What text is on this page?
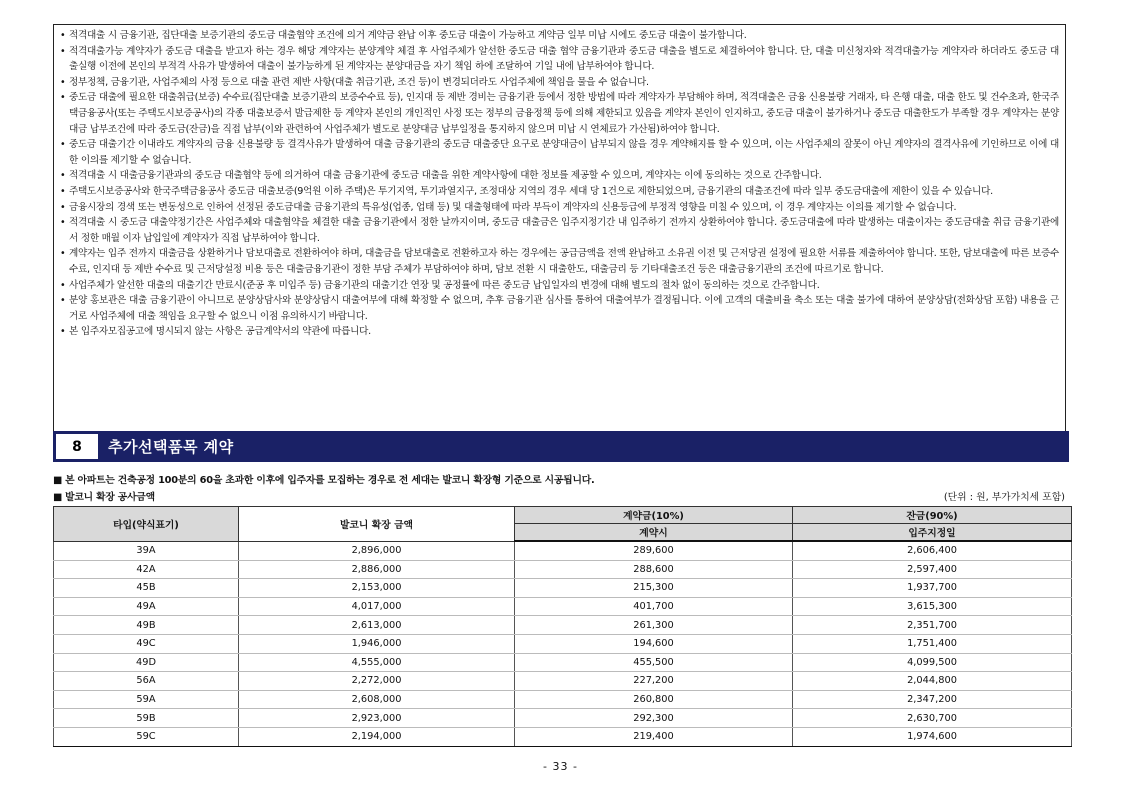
• 적격대출 시 금융기관, 집단대출 보증기관의 중도금 대출협약 조건에 의거 계약금 완납 이후 중도금 대출이 가능하고 계약금 일부 미납 시에도 중도금 대출이 불가합니다.
• 적격대출가능 계약자가 중도금 대출을 받고자 하는 경우 해당 계약자는 분양계약 체결 후 사업주체가 알선한 중도금 대출 협약 금융기관과 중도금 대출을 별도로 체결하여야 합니다. 단, 대출 미신청자와 적격대출가능 계약자라 하더라도 중도금 대출실행 이전에 본인의 부적격 사유가 발생하여 대출이 불가능하게 된 계약자는 분양대금을 자기 책임 하에 조달하여 기일 내에 납부하여야 합니다.
• 정부정책, 금융기관, 사업주체의 사정 등으로 대출 관련 제반 사항(대출 취급기관, 조건 등)이 변경되더라도 사업주체에 책임을 물을 수 없습니다.
• 중도금 대출에 필요한 대출취급(보증) 수수료(집단대출 보증기관의 보증수수료 등), 인지대 등 제반 경비는 금융기관 등에서 정한 방법에 따라 계약자가 부담해야 하며, 적격대출은 금융 신용불량 거래자, 타 은행 대출, 대출 한도 및 건수초과, 한국주택금융공사(또는 주택도시보증공사)의 각종 대출보증서 발급제한 등 계약자 본인의 개인적인 사정 또는 정부의 금융정책 등에 의해 제한되고 있음을 계약자 본인이 인지하고, 중도금 대출이 불가하거나 중도금 대출한도가 부족할 경우 계약자는 분양대금 납부조건에 따라 중도금(잔금)을 직접 납부(이와 관련하여 사업주체가 별도로 분양대금 납부일정을 통지하지 않으며 미납 시 연체료가 가산됨)하여야 합니다.
• 중도금 대출기간 이내라도 계약자의 금융 신용불량 등 결격사유가 발생하여 대출 금융기관의 중도금 대출중단 요구로 분양대금이 납부되지 않을 경우 계약해지를 할 수 있으며, 이는 사업주체의 잘못이 아닌 계약자의 결격사유에 기인하므로 이에 대한 이의를 제기할 수 없습니다.
• 적격대출 시 대출금융기관과의 중도금 대출협약 등에 의거하여 대출 금융기관에 중도금 대출을 위한 계약사항에 대한 정보를 제공할 수 있으며, 계약자는 이에 동의하는 것으로 간주합니다.
• 주택도시보증공사와 한국주택금융공사 중도금 대출보증(9억원 이하 주택)은 투기지역, 투기과열지구, 조정대상 지역의 경우 세대 당 1건으로 제한되었으며, 금융기관의 대출조건에 따라 일부 중도금대출에 제한이 있을 수 있습니다.
• 금융시장의 경색 또는 변동성으로 인하여 선정된 중도금대출 금융기관의 특유성(업종, 업태 등) 및 대출형태에 따라 부득이 계약자의 신용등급에 부정적 영향을 미칠 수 있으며, 이 경우 계약자는 이의를 제기할 수 없습니다.
• 적격대출 시 중도금 대출약정기간은 사업주체와 대출협약을 체결한 대출 금융기관에서 정한 날까지이며, 중도금 대출금은 입주지정기간 내 입주하기 전까지 상환하여야 합니다. 중도금대출에 따라 발생하는 대출이자는 중도금대출 취급 금융기관에서 정한 매월 이자 납입일에 계약자가 직접 납부하여야 합니다.
• 계약자는 입주 전까지 대출금을 상환하거나 담보대출로 전환하여야 하며, 대출금을 담보대출로 전환하고자 하는 경우에는 공급금액을 전액 완납하고 소유권 이전 및 근저당권 설정에 필요한 서류를 제출하여야 합니다. 또한, 담보대출에 따른 보증수수료, 인지대 등 제반 수수료 및 근저당설정 비용 등은 대출금융기관이 정한 부담 주체가 부담하여야 하며, 담보 전환 시 대출한도, 대출금리 등 기타대출조건 등은 대출금융기관의 조건에 따르기로 합니다.
• 사업주체가 알선한 대출의 대출기간 만료시(준공 후 미입주 등) 금융기관의 대출기간 연장 및 공정률에 따른 중도금 납입일자의 변경에 대해 별도의 절차 없이 동의하는 것으로 간주합니다.
• 분양 홍보관은 대출 금융기관이 아니므로 분양상담사와 분양상담시 대출여부에 대해 확정할 수 없으며, 추후 금융기관 심사를 통하여 대출여부가 결정됩니다. 이에 고객의 대출비율 축소 또는 대출 불가에 대하여 분양상담(전화상담 포함) 내용을 근거로 사업주체에 대출 책임을 요구할 수 없으니 이점 유의하시기 바랍니다.
• 본 입주자모집공고에 명시되지 않는 사항은 공급계약서의 약관에 따릅니다.
8	추가선택품목 계약
■ 본 아파트는 건축공정 100분의 60을 초과한 이후에 입주자를 모집하는 경우로 전 세대는 발코니 확장형 기준으로 시공됩니다.
■ 발코니 확장 공사금액	(단위 : 원, 부가가치세 포함)
타입(약식표기)	발코니 확장 금액	계약금(10%)	잔금(90%)
		계약시	입주지정일
39A	2,896,000	289,600	2,606,400
42A	2,886,000	288,600	2,597,400
45B	2,153,000	215,300	1,937,700
49A	4,017,000	401,700	3,615,300
49B	2,613,000	261,300	2,351,700
49C	1,946,000	194,600	1,751,400
49D	4,555,000	455,500	4,099,500
56A	2,272,000	227,200	2,044,800
59A	2,608,000	260,800	2,347,200
59B	2,923,000	292,300	2,630,700
59C	2,194,000	219,400	1,974,600
- 33 -
